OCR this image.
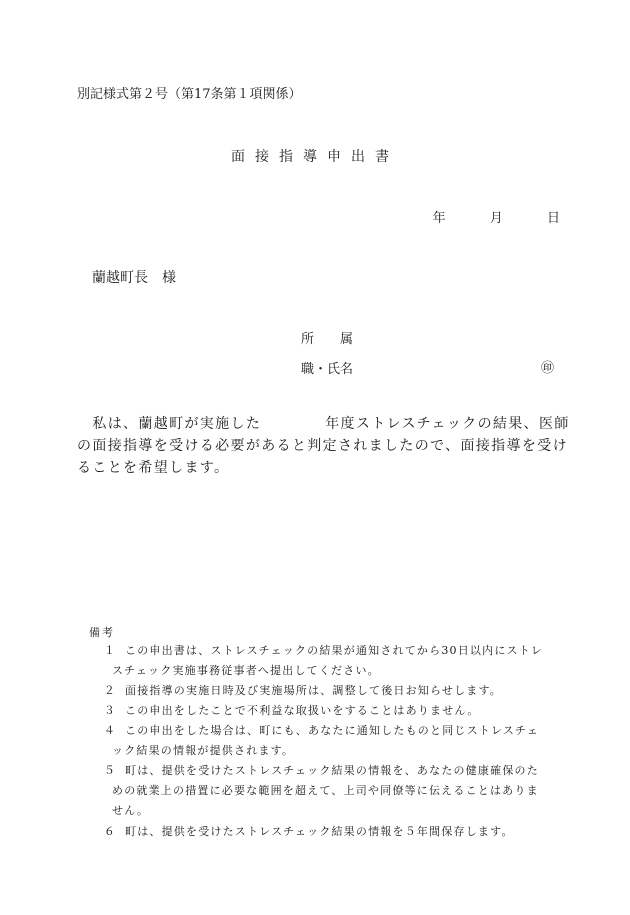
別記様式第２号（第17条第１項関係）
面接指導申出書
年	月	日
蘭越町長　様
所　　属
職・氏名	㊞
　私は、蘭越町が実施した	年度ストレスチェックの結果、医師
の面接指導を受ける必要があると判定されましたので、面接指導を受け
ることを希望します。
備考
１ この申出書は、ストレスチェックの結果が通知されてから30日以内にストレ
スチェック実施事務従事者へ提出してください。
２ 面接指導の実施日時及び実施場所は、調整して後日お知らせします。
３ この申出をしたことで不利益な取扱いをすることはありません。
４ この申出をした場合は、町にも、あなたに通知したものと同じストレスチェ
ック結果の情報が提供されます。
５ 町は、提供を受けたストレスチェック結果の情報を、あなたの健康確保のた
めの就業上の措置に必要な範囲を超えて、上司や同僚等に伝えることはありま
せん。
６ 町は、提供を受けたストレスチェック結果の情報を５年間保存します。
